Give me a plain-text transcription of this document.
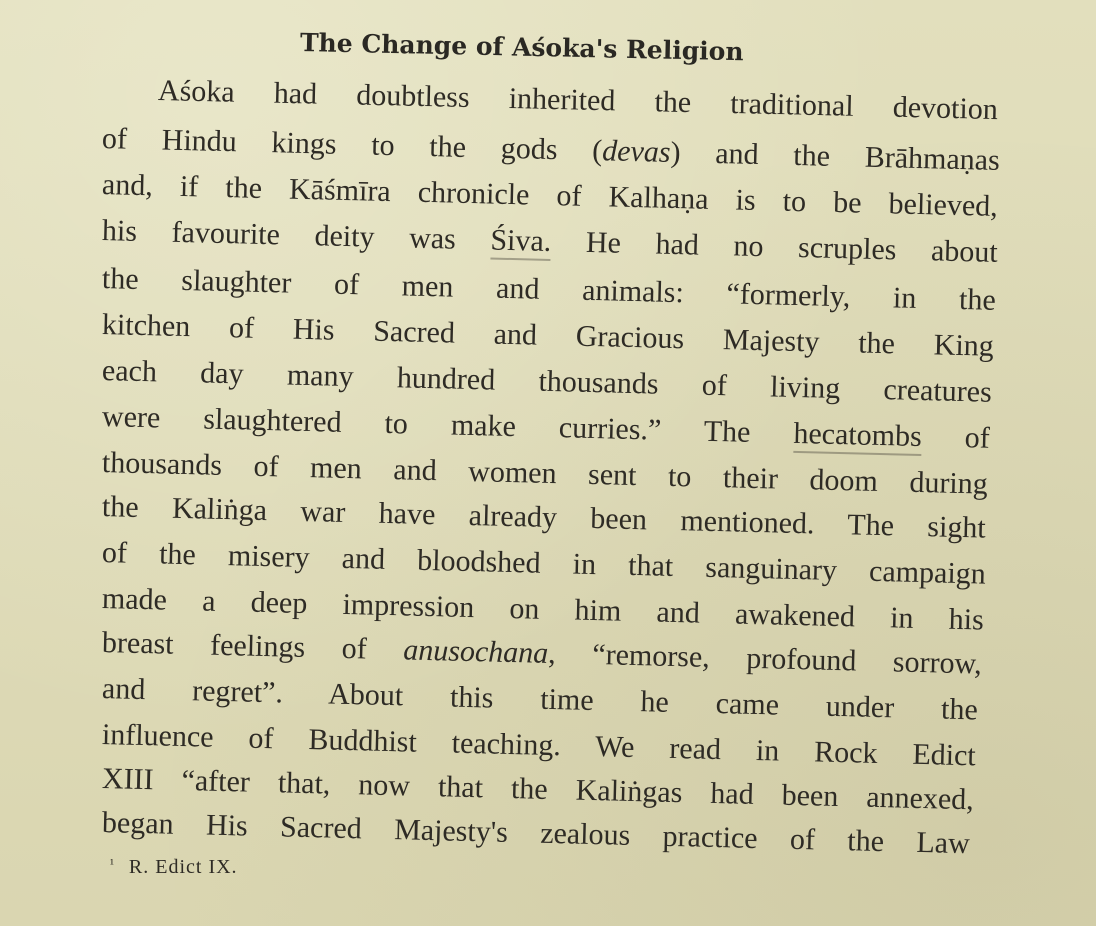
The Change of Aśoka's Religion

Aśoka had doubtless inherited the traditional devotion

of Hindu kings to the gods (devas) and the Brāhmaṇas

and, if the Kāśmīra chronicle of Kalhaṇa is to be believed,

his favourite deity was Śiva. He had no scruples about

the slaughter of men and animals: “formerly, in the

kitchen of His Sacred and Gracious Majesty the King

each day many hundred thousands of living creatures

were slaughtered to make curries.” The hecatombs of

thousands of men and women sent to their doom during

the Kaliṅga war have already been mentioned. The sight

of the misery and bloodshed in that sanguinary campaign

made a deep impression on him and awakened in his

breast feelings of anusochana, “remorse, profound sorrow,

and regret”. About this time he came under the

influence of Buddhist teaching. We read in Rock Edict

XIII “after that, now that the Kaliṅgas had been annexed,

began His Sacred Majesty's zealous practice of the Law

$^{^1}$ R. Edict IX.
